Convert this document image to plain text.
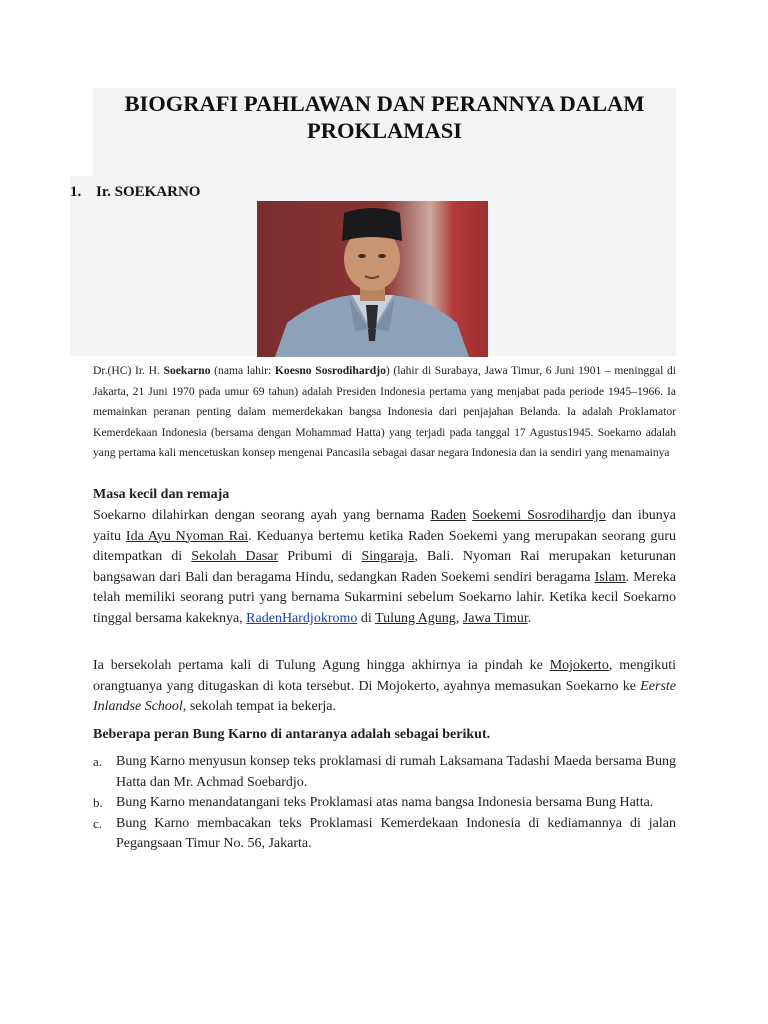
BIOGRAFI PAHLAWAN DAN PERANNYA DALAM PROKLAMASI
1. Ir. SOEKARNO

Dr.(HC) Ir. H. Soekarno (nama lahir: Koesno Sosrodihardjo) (lahir di Surabaya, Jawa Timur, 6 Juni 1901 – meninggal di Jakarta, 21 Juni 1970 pada umur 69 tahun) adalah Presiden Indonesia pertama yang menjabat pada periode 1945–1966. Ia memainkan peranan penting dalam memerdekakan bangsa Indonesia dari penjajahan Belanda. Ia adalah Proklamator Kemerdekaan Indonesia (bersama dengan Mohammad Hatta) yang terjadi pada tanggal 17 Agustus1945. Soekarno adalah yang pertama kali mencetuskan konsep mengenai Pancasila sebagai dasar negara Indonesia dan ia sendiri yang menamainya

Masa kecil dan remaja

Soekarno dilahirkan dengan seorang ayah yang bernama Raden Soekemi Sosrodihardjo dan ibunya yaitu Ida Ayu Nyoman Rai. Keduanya bertemu ketika Raden Soekemi yang merupakan seorang guru ditempatkan di Sekolah Dasar Pribumi di Singaraja, Bali. Nyoman Rai merupakan keturunan bangsawan dari Bali dan beragama Hindu, sedangkan Raden Soekemi sendiri beragama Islam. Mereka telah memiliki seorang putri yang bernama Sukarmini sebelum Soekarno lahir. Ketika kecil Soekarno tinggal bersama kakeknya, RadenHardjokromo di Tulung Agung, Jawa Timur.

Ia bersekolah pertama kali di Tulung Agung hingga akhirnya ia pindah ke Mojokerto, mengikuti orangtuanya yang ditugaskan di kota tersebut. Di Mojokerto, ayahnya memasukan Soekarno ke Eerste Inlandse School, sekolah tempat ia bekerja.

Beberapa peran Bung Karno di antaranya adalah sebagai berikut.
a. Bung Karno menyusun konsep teks proklamasi di rumah Laksamana Tadashi Maeda bersama Bung Hatta dan Mr. Achmad Soebardjo.
b. Bung Karno menandatangani teks Proklamasi atas nama bangsa Indonesia bersama Bung Hatta.
c. Bung Karno membacakan teks Proklamasi Kemerdekaan Indonesia di kediamannya di jalan Pegangsaan Timur No. 56, Jakarta.
